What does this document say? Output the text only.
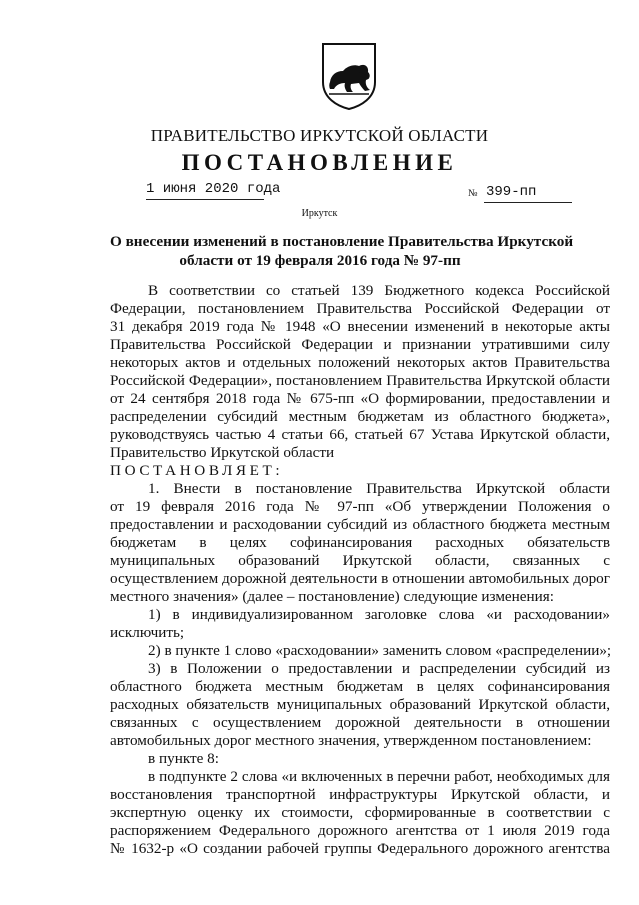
ПРАВИТЕЛЬСТВО ИРКУТСКОЙ ОБЛАСТИ
ПОСТАНОВЛЕНИЕ
1 июня 2020 года	№ 399-пп
Иркутск
О внесении изменений в постановление Правительства Иркутской
области от 19 февраля 2016 года № 97-пп
В соответствии со статьей 139 Бюджетного кодекса Российской
Федерации, постановлением Правительства Российской Федерации от
31 декабря 2019 года № 1948 «О внесении изменений в некоторые акты
Правительства Российской Федерации и признании утратившими силу
некоторых актов и отдельных положений некоторых актов Правительства
Российской Федерации», постановлением Правительства Иркутской области
от 24 сентября 2018 года № 675-пп «О формировании, предоставлении и
распределении субсидий местным бюджетам из областного бюджета»,
руководствуясь частью 4 статьи 66, статьей 67 Устава Иркутской области,
Правительство Иркутской области
ПОСТАНОВЛЯЕТ:
1. Внести в постановление Правительства Иркутской области
от 19 февраля 2016 года № 97-пп «Об утверждении Положения о
предоставлении и расходовании субсидий из областного бюджета местным
бюджетам в целях софинансирования расходных обязательств
муниципальных образований Иркутской области, связанных с
осуществлением дорожной деятельности в отношении автомобильных дорог
местного значения» (далее – постановление) следующие изменения:
1) в индивидуализированном заголовке слова «и расходовании»
исключить;
2) в пункте 1 слово «расходовании» заменить словом «распределении»;
3) в Положении о предоставлении и распределении субсидий из
областного бюджета местным бюджетам в целях софинансирования
расходных обязательств муниципальных образований Иркутской области,
связанных с осуществлением дорожной деятельности в отношении
автомобильных дорог местного значения, утвержденном постановлением:
в пункте 8:
в подпункте 2 слова «и включенных в перечни работ, необходимых для
восстановления транспортной инфраструктуры Иркутской области, и
экспертную оценку их стоимости, сформированные в соответствии с
распоряжением Федерального дорожного агентства от 1 июля 2019 года
№ 1632-р «О создании рабочей группы Федерального дорожного агентства
